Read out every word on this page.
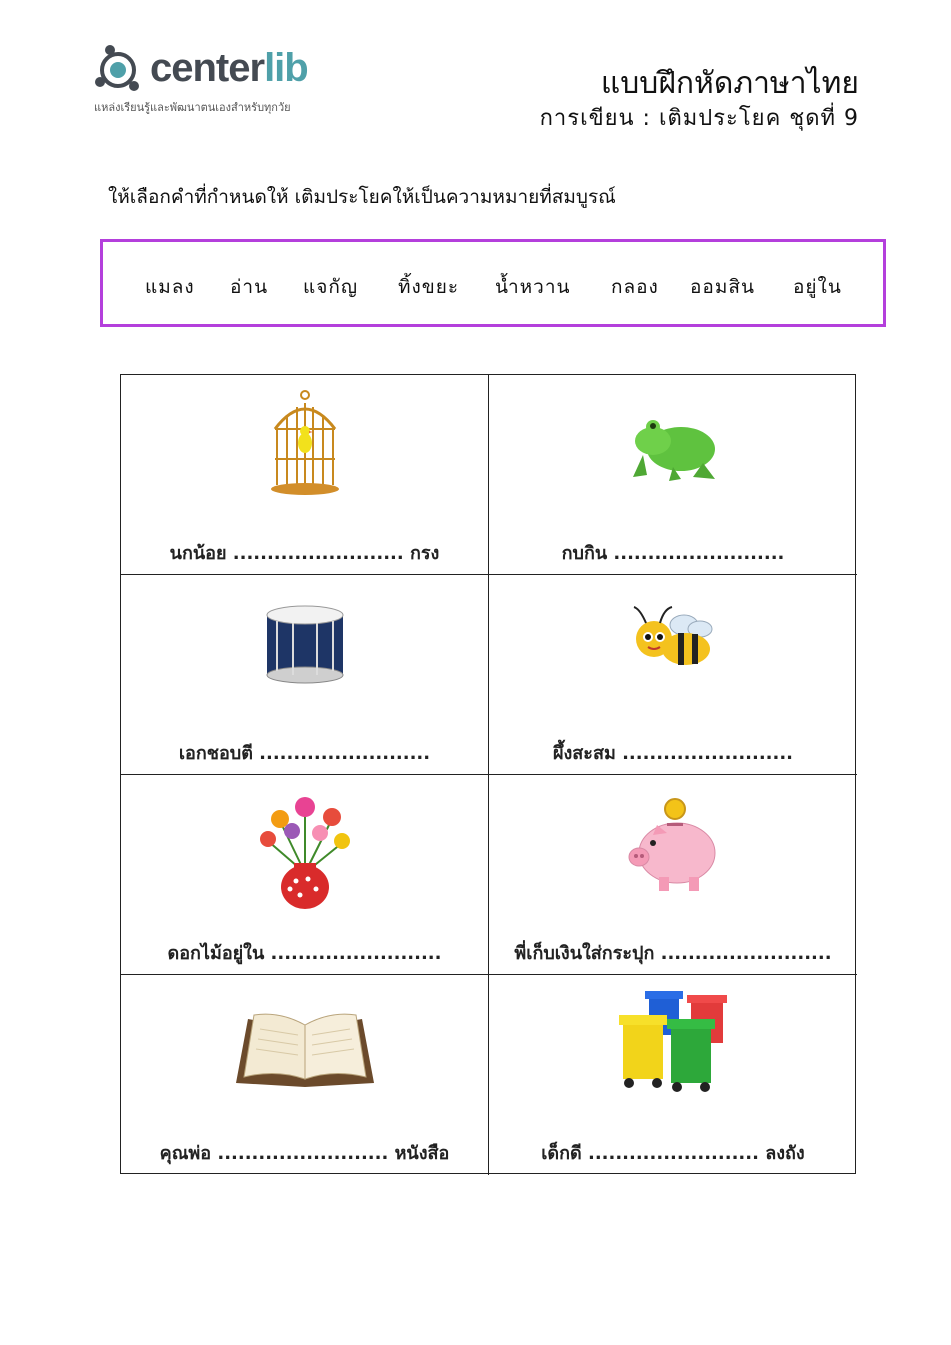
centerlib
แหล่งเรียนรู้และพัฒนาตนเองสำหรับทุกวัย
แบบฝึกหัดภาษาไทย
การเขียน : เติมประโยค ชุดที่ 9
ให้เลือกคำที่กำหนดให้ เติมประโยคให้เป็นความหมายที่สมบูรณ์
แมลง อ่าน แจกัญ ทิ้งขยะ น้ำหวาน กลอง ออมสิน อยู่ใน
นกน้อย ......................... กรง	กบกิน .........................
เอกชอบตี .........................	ผึ้งสะสม .........................
ดอกไม้อยู่ใน .........................	พี่เก็บเงินใส่กระปุก .........................
คุณพ่อ ......................... หนังสือ	เด็กดี ......................... ลงถัง
